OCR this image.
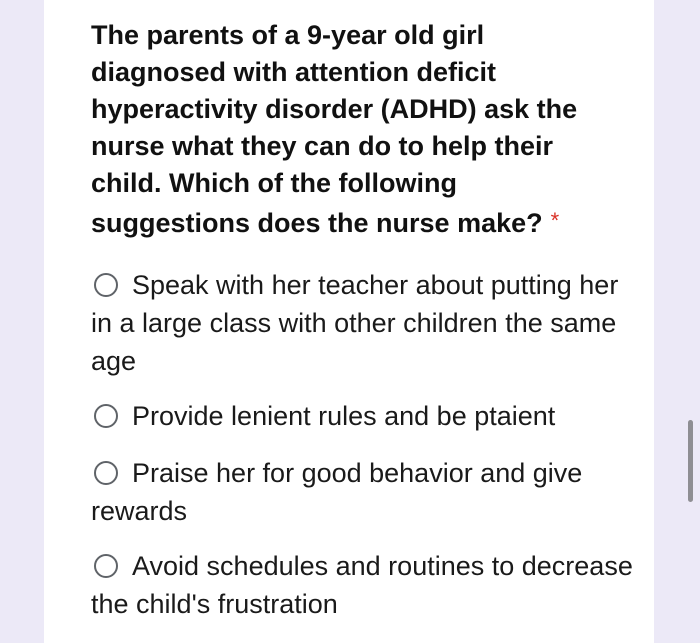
The parents of a 9-year old girl diagnosed with attention deficit hyperactivity disorder (ADHD) ask the nurse what they can do to help their child. Which of the following suggestions does the nurse make? *

Speak with her teacher about putting her in a large class with other children the same age
Provide lenient rules and be ptaient
Praise her for good behavior and give rewards
Avoid schedules and routines to decrease the child's frustration
